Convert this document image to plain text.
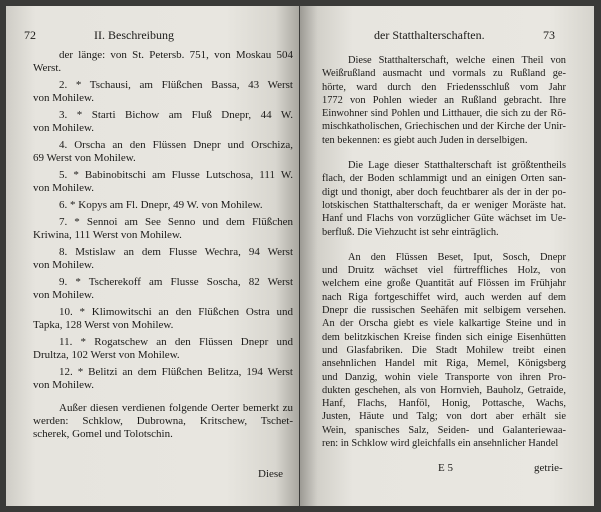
72	II. Beschreibung
der länge: von St. Petersb. 751, von Moskau 504
Werst.
2. * Tschausi, am Flüßchen Bassa, 43 Werst
von Mohilew.
3. * Starti Bichow am Fluß Dnepr, 44 W.
von Mohilew.
4. Orscha an den Flüssen Dnepr und Orschiza,
69 Werst von Mohilew.
5. * Babinobitschi am Flusse Lutschosa, 111 W.
von Mohilew.
6. * Kopys am Fl. Dnepr, 49 W. von Mohilew.
7. * Sennoi am See Senno und dem Flüßchen
Kriwina, 111 Werst von Mohilew.
8. Mstislaw an dem Flusse Wechra, 94 Werst
von Mohilew.
9. * Tscherekoff am Flusse Soscha, 82 Werst
von Mohilew.
10. * Klimowitschi an den Flüßchen Ostra und
Tapka, 128 Werst von Mohilew.
11. * Rogatschew an den Flüssen Dnepr und
Drultza, 102 Werst von Mohilew.
12. * Belitzi an dem Flüßchen Belitza, 194 Werst
von Mohilew.
Außer diesen verdienen folgende Oerter bemerkt zu
werden: Schklow, Dubrowna, Kritschew, Tschet-
scherek, Gomel und Tolotschin.
Diese
der Statthalterschaften.	73
Diese Statthalterschaft, welche einen Theil von
Weißrußland ausmacht und vormals zu Rußland ge-
hörte, ward durch den Friedensschluß vom Jahr
1772 von Pohlen wieder an Rußland gebracht. Ihre
Einwohner sind Pohlen und Litthauer, die sich zu der Rö-
mischkatholischen, Griechischen und der Kirche der Unir-
ten bekennen: es giebt auch Juden in derselbigen.
Die Lage dieser Statthalterschaft ist größtentheils
flach, der Boden schlammigt und an einigen Orten san-
digt und thonigt, aber doch feuchtbarer als der in der po-
lotskischen Statthalterschaft, da er weniger Moräste hat.
Hanf und Flachs von vorzüglicher Güte wächset im Ue-
berfluß. Die Viehzucht ist sehr einträglich.
An den Flüssen Beset, Iput, Sosch, Dnepr
und Druitz wächset viel fürtreffliches Holz, von
welchem eine große Quantität auf Flössen im Frühjahr
nach Riga fortgeschiffet wird, auch werden auf dem
Dnepr die russischen Seehäfen mit selbigem versehen.
An der Orscha giebt es viele kalkartige Steine und in
dem belitzkischen Kreise finden sich einige Eisenhütten
und Glasfabriken. Die Stadt Mohilew treibt einen
ansehnlichen Handel mit Riga, Memel, Königsberg
und Danzig, wohin viele Transporte von ihren Pro-
dukten geschehen, als von Hornvieh, Bauholz, Getraide,
Hanf, Flachs, Hanföl, Honig, Pottasche, Wachs,
Justen, Häute und Talg; von dort aber erhält sie
Wein, spanisches Salz, Seiden- und Galanteriewaa-
ren: in Schklow wird gleichfalls ein ansehnlicher Handel
E 5	getrie-
